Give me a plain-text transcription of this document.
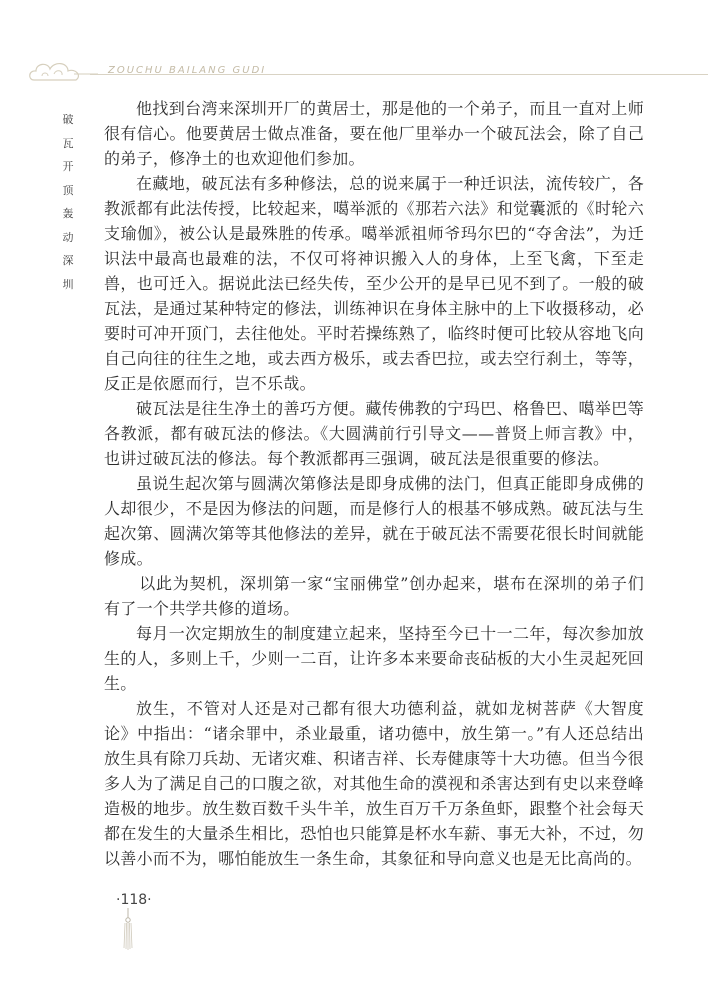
ZOUCHU BAILANG GUDI
破
瓦
开
顶
轰
动
深
圳

他找到台湾来深圳开厂的黄居士，那是他的一个弟子，而且一直对上师很有信心。他要黄居士做点准备，要在他厂里举办一个破瓦法会，除了自己的弟子，修净土的也欢迎他们参加。

在藏地，破瓦法有多种修法，总的说来属于一种迁识法，流传较广，各教派都有此法传授，比较起来，噶举派的《那若六法》和觉囊派的《时轮六支瑜伽》，被公认是最殊胜的传承。噶举派祖师爷玛尔巴的“夺舍法”，为迁识法中最高也最难的法，不仅可将神识搬入人的身体，上至飞禽，下至走兽，也可迁入。据说此法已经失传，至少公开的是早已见不到了。一般的破瓦法，是通过某种特定的修法，训练神识在身体主脉中的上下收摄移动，必要时可冲开顶门，去往他处。平时若操练熟了，临终时便可比较从容地飞向自己向往的往生之地，或去西方极乐，或去香巴拉，或去空行刹土，等等，反正是依愿而行，岂不乐哉。

破瓦法是往生净土的善巧方便。藏传佛教的宁玛巴、格鲁巴、噶举巴等各教派，都有破瓦法的修法。《大圆满前行引导文——普贤上师言教》中，也讲过破瓦法的修法。每个教派都再三强调，破瓦法是很重要的修法。

虽说生起次第与圆满次第修法是即身成佛的法门，但真正能即身成佛的人却很少，不是因为修法的问题，而是修行人的根基不够成熟。破瓦法与生起次第、圆满次第等其他修法的差异，就在于破瓦法不需要花很长时间就能修成。

以此为契机，深圳第一家“宝丽佛堂”创办起来，堪布在深圳的弟子们有了一个共学共修的道场。

每月一次定期放生的制度建立起来，坚持至今已十一二年，每次参加放生的人，多则上千，少则一二百，让许多本来要命丧砧板的大小生灵起死回生。

放生，不管对人还是对己都有很大功德利益，就如龙树菩萨《大智度论》中指出：“诸余罪中，杀业最重，诸功德中，放生第一。”有人还总结出放生具有除刀兵劫、无诸灾难、积诸吉祥、长寿健康等十大功德。但当今很多人为了满足自己的口腹之欲，对其他生命的漠视和杀害达到有史以来登峰造极的地步。放生数百数千头牛羊，放生百万千万条鱼虾，跟整个社会每天都在发生的大量杀生相比，恐怕也只能算是杯水车薪、事无大补，不过，勿以善小而不为，哪怕能放生一条生命，其象征和导向意义也是无比高尚的。

·118·
